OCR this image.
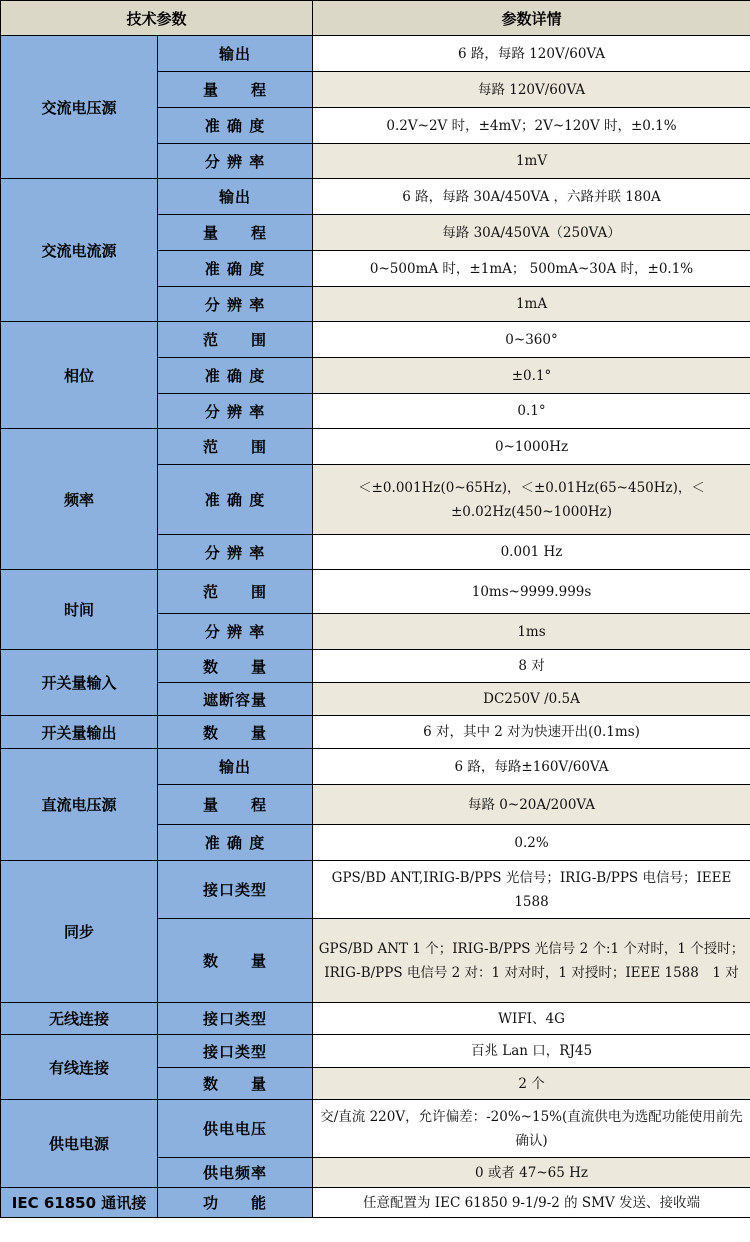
技术参数		参数详情
交流电压源	输出	6 路，每路 120V/60VA
	量　　程	每路 120V/60VA
	准 确 度	0.2V~2V 时，±4mV；2V~120V 时，±0.1%
	分 辨 率	1mV
交流电流源	输出	6 路，每路 30A/450VA ，六路并联 180A
	量　　程	每路 30A/450VA（250VA）
	准 确 度	0~500mA 时，±1mA； 500mA~30A 时，±0.1%
	分 辨 率	1mA
相位	范　　围	0~360°
	准 确 度	±0.1°
	分 辨 率	0.1°
频率	范　　围	0~1000Hz
	准 确 度	＜±0.001Hz(0~65Hz)，＜±0.01Hz(65~450Hz)，＜±0.02Hz(450~1000Hz)
	分 辨 率	0.001 Hz
时间	范　　围	10ms~9999.999s
	分 辨 率	1ms
开关量输入	数　　量	8 对
	遮断容量	DC250V /0.5A
开关量输出	数　　量	6 对，其中 2 对为快速开出(0.1ms)
直流电压源	输出	6 路，每路±160V/60VA
	量　　程	每路 0~20A/200VA
	准 确 度	0.2%
同步	接口类型	GPS/BD ANT,IRIG-B/PPS 光信号；IRIG-B/PPS 电信号；IEEE 1588
	数　　量	GPS/BD ANT 1 个；IRIG-B/PPS 光信号 2 个:1 个对时，1 个授时；IRIG-B/PPS 电信号 2 对：1 对对时，1 对授时；IEEE 1588　1 对
无线连接	接口类型	WIFI、4G
有线连接	接口类型	百兆 Lan 口，RJ45
	数　　量	2 个
供电电源	供电电压	交/直流 220V，允许偏差：-20%~15%(直流供电为选配功能使用前先确认)
	供电频率	0 或者 47~65 Hz
IEC 61850 通讯接	功　　能	任意配置为 IEC 61850 9-1/9-2 的 SMV 发送、接收端
